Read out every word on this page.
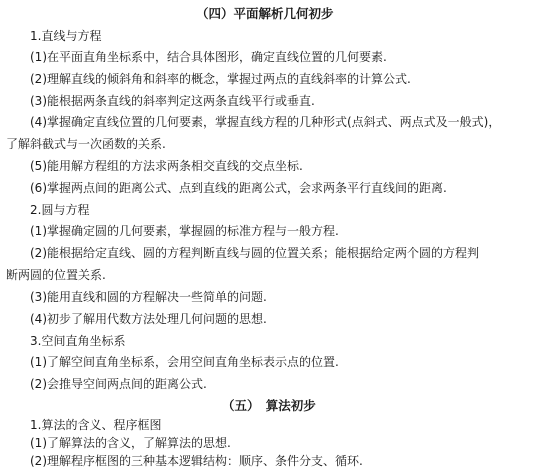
（四）平面解析几何初步
1.直线与方程
(1)在平面直角坐标系中，结合具体图形，确定直线位置的几何要素.
(2)理解直线的倾斜角和斜率的概念，掌握过两点的直线斜率的计算公式.
(3)能根据两条直线的斜率判定这两条直线平行或垂直.
(4)掌握确定直线位置的几何要素，掌握直线方程的几种形式(点斜式、两点式及一般式)，
了解斜截式与一次函数的关系.
(5)能用解方程组的方法求两条相交直线的交点坐标.
(6)掌握两点间的距离公式、点到直线的距离公式，会求两条平行直线间的距离.
2.圆与方程
(1)掌握确定圆的几何要素，掌握圆的标准方程与一般方程.
(2)能根据给定直线、圆的方程判断直线与圆的位置关系；能根据给定两个圆的方程判
断两圆的位置关系.
(3)能用直线和圆的方程解决一些简单的问题.
(4)初步了解用代数方法处理几何问题的思想.
3.空间直角坐标系
(1)了解空间直角坐标系，会用空间直角坐标表示点的位置.
(2)会推导空间两点间的距离公式.
（五）　算法初步
1.算法的含义、程序框图
(1)了解算法的含义，了解算法的思想.
(2)理解程序框图的三种基本逻辑结构：顺序、条件分支、循环.
